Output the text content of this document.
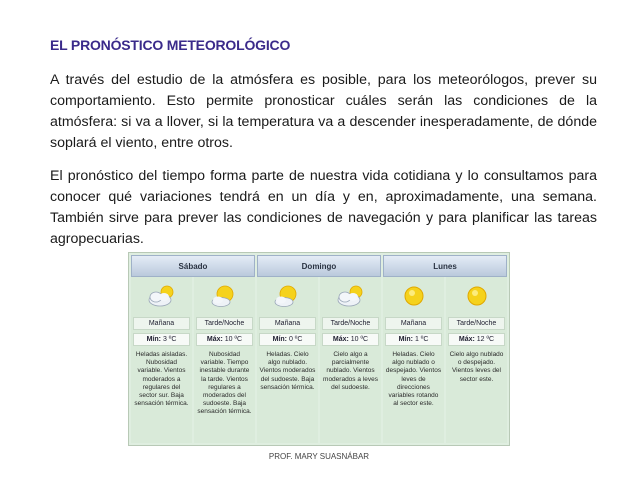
EL PRONÓSTICO METEOROLÓGICO

A través del estudio de la atmósfera es posible, para los meteorólogos, prever su comportamiento. Esto permite pronosticar cuáles serán las condiciones de la atmósfera: si va a llover, si la temperatura va a descender inesperadamente, de dónde soplará el viento, entre otros.

El pronóstico del tiempo forma parte de nuestra vida cotidiana y lo consultamos para conocer qué variaciones tendrá en un día y en, aproximadamente, una semana. También sirve para prever las condiciones de navegación y para planificar las tareas agropecuarias.

Sábado	Domingo	Lunes
Mañana
Mín: 3 ºC
Heladas aisladas. Nubosidad variable. Vientos moderados a regulares del sector sur. Baja sensación térmica.
Tarde/Noche
Máx: 10 ºC
Nubosidad variable. Tiempo inestable durante la tarde. Vientos regulares a moderados del sudoeste. Baja sensación térmica.
Mañana
Mín: 0 ºC
Heladas. Cielo algo nublado. Vientos moderados del sudoeste. Baja sensación térmica.
Tarde/Noche
Máx: 10 ºC
Cielo algo a parcialmente nublado. Vientos moderados a leves del sudoeste.
Mañana
Mín: 1 ºC
Heladas. Cielo algo nublado o despejado. Vientos leves de direcciones variables rotando al sector este.
Tarde/Noche
Máx: 12 ºC
Cielo algo nublado o despejado. Vientos leves del sector este.
PROF. MARY SUASNÁBAR
